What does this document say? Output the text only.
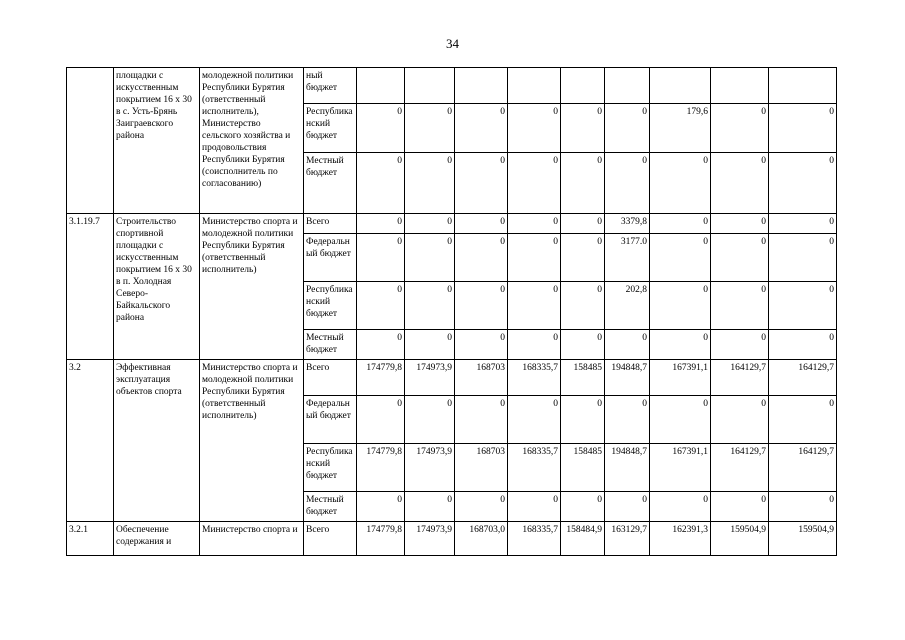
34
	площадки с искусственным покрытием 16 х 30 в с. Усть-Брянь Заиграевского района	молодежной политики Республики Бурятия (ответственный исполнитель), Министерство сельского хозяйства и продовольствия Республики Бурятия (соисполнитель по согласованию)	ный бюджет									
			Республиканский бюджет	0	0	0	0	0	0	179,6	0	0
			Местный бюджет	0	0	0	0	0	0	0	0	0
3.1.19.7	Строительство спортивной площадки с искусственным покрытием 16 х 30 в п. Холодная Северо-Байкальского района	Министерство спорта и молодежной политики Республики Бурятия (ответственный исполнитель)	Всего	0	0	0	0	0	3379,8	0	0	0
			Федеральный бюджет	0	0	0	0	0	3177.0	0	0	0
			Республиканский бюджет	0	0	0	0	0	202,8	0	0	0
			Местный бюджет	0	0	0	0	0	0	0	0	0
3.2	Эффективная эксплуатация объектов спорта	Министерство спорта и молодежной политики Республики Бурятия (ответственный исполнитель)	Всего	174779,8	174973,9	168703	168335,7	158485	194848,7	167391,1	164129,7	164129,7
			Федеральный бюджет	0	0	0	0	0	0	0	0	0
			Республиканский бюджет	174779,8	174973,9	168703	168335,7	158485	194848,7	167391,1	164129,7	164129,7
			Местный бюджет	0	0	0	0	0	0	0	0	0
3.2.1	Обеспечение содержания и	Министерство спорта и	Всего	174779,8	174973,9	168703,0	168335,7	158484,9	163129,7	162391,3	159504,9	159504,9
